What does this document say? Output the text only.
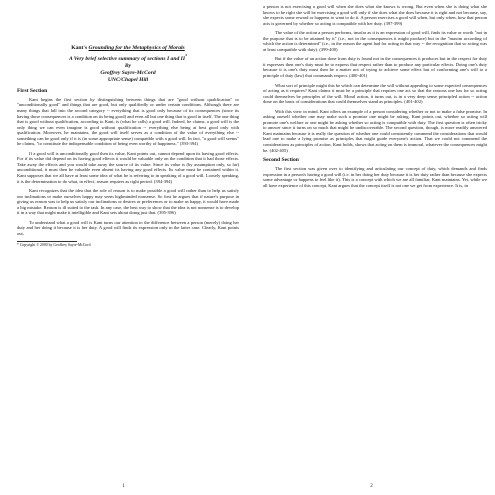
Kant's Grounding for the Metaphysics of Morals
A Very brief selective summary of sections I and II*
By
Geoffrey Sayre-McCord
UNC/Chapel Hill
First Section

Kant begins the first section by distinguishing between things that are "good without qualification" or "unconditionally good" and things that are good, but only qualifiedly or under certain conditions. Although there are many things that fall into the second category -- everything that is good only because of its consequences (since its having those consequences is a condition on its being good) and even all but one thing that is good in itself. The one thing that is good without qualification, according to Kant, is (what he calls) a good will. Indeed, he claims, a good will is the only thing we can even imagine is good without qualification -- everything else being at best good only with qualification. Moreover, he maintains, the good will itself serves as a condition of the value of everything else -- something can be good only if it is (in some appropriate sense) compatible with a good will. In fact, "a good will seems" he claims, "to constitute the indispensable condition of being even worthy of happiness." (393-394)

If a good will is unconditionally good then its value, Kant points out, cannot depend upon its having good effects. For if its value did depend on its having good effects it would be valuable only on the condition that it had those effects. Take away the effects and you would take away the source of its value. Since its value is (by assumption only, so far) unconditional, it must then be valuable even absent its having any good effects. Its value must be contained within it. Kant supposes that we all have at least some idea of what he is referring to in speaking of a good will. Loosely speaking, it is the determination to do what, in effect, reason requires as right period. (394-394)

Kant recognizes that the idea that the role of reason is to make possible a good will rather than to help us satisfy our inclinations or make ourselves happy may seem highminded nonsense. So first he argues that if nature's purpose in giving us reason was to help us satisfy our inclinations or desires or preferences or to make us happy, it would have made a big mistake. Reason is ill suited to the task. In any case, the best way to show that the idea is not nonsense is to develop it in a way that might make it intelligible and Kant sets about doing just that. (395-396)

To understand what a good will is Kant turns our attention to the difference between a person (merely) doing her duty and her doing it because it is her duty. A good will finds its expression only in the latter case. Clearly, Kant points out,

* Copyright © 2000 by Geoffrey Sayre-McCord
1

a person is not exercising a good will when she does what she knows is wrong. But even when she is doing what she knows to be right she will be exercising a good will only if she does what she does because it is right and not because, say, she expects some reward or happens to want to do it. A person exercises a good will when, but only when, how that person acts is governed by whether so acting is compatible with her duty. (397-399)

The value of the action a person performs, insofar as it is an expression of good will, finds its value or worth "not in the purpose that is to be attained by it" (i.e., not in the consequences it might produce) but in the "maxim according of which the action is determined" (i.e., in the reason the agent had for acting in that way -- the recognition that so acting was at least compatible with duty). (399-400)

But if the value of an action done from duty is found not in the consequences it produces but in the respect for duty it expresses then one's duty must be to express that respect rather than to produce any particular effects. Doing one's duty because it is one's duty must then be a matter not of trying to achieve some effect but of conforming one's will to a principle of duty (law) that commands respect. (400-401)

What sort of principle might this be which can determine the will without appealing to some expected consequences of acting as it requires? Kant claims it must be a principle that requires one act so that the reasons one has for so acting could themselves be principles of the will. Moral action, it turns out, is in a very deep sense principled action -- action done on the basis of considerations that could themselves stand as principles. (401-402)

With this view in mind, Kant offers an example of a person considering whether or not to make a false promise. In asking oneself whether one may make such a promise one might be asking, Kant points out, whether so acting will promote one's welfare or one might be asking whether so acting is compatible with duty. The first question is often tricky to answer since it turns on so much that might be undiscoverable. The second question, though, is more readily answered Kant maintains because it is really the question of whether one could consistently commend the considerations that would lead one to make a lying promise as principles that might guide everyone's action. That we could not commend the considerations as principles of action, Kant holds, shows that acting on them is immoral, whatever the consequences might be. (402-405)

Second Section

The first section was given over to identifying and articulating our concept of duty, which demands and finds expression in a person's having a good will (i.e. in her doing her duty because it is her duty rather than because she expects some advantage or happens to feel like it). This is a concept with which we are all familiar, Kant maintains. Yet, while we all have experience of this concept, Kant argues that the concept itself is not one we get from experience. It is, in

2
